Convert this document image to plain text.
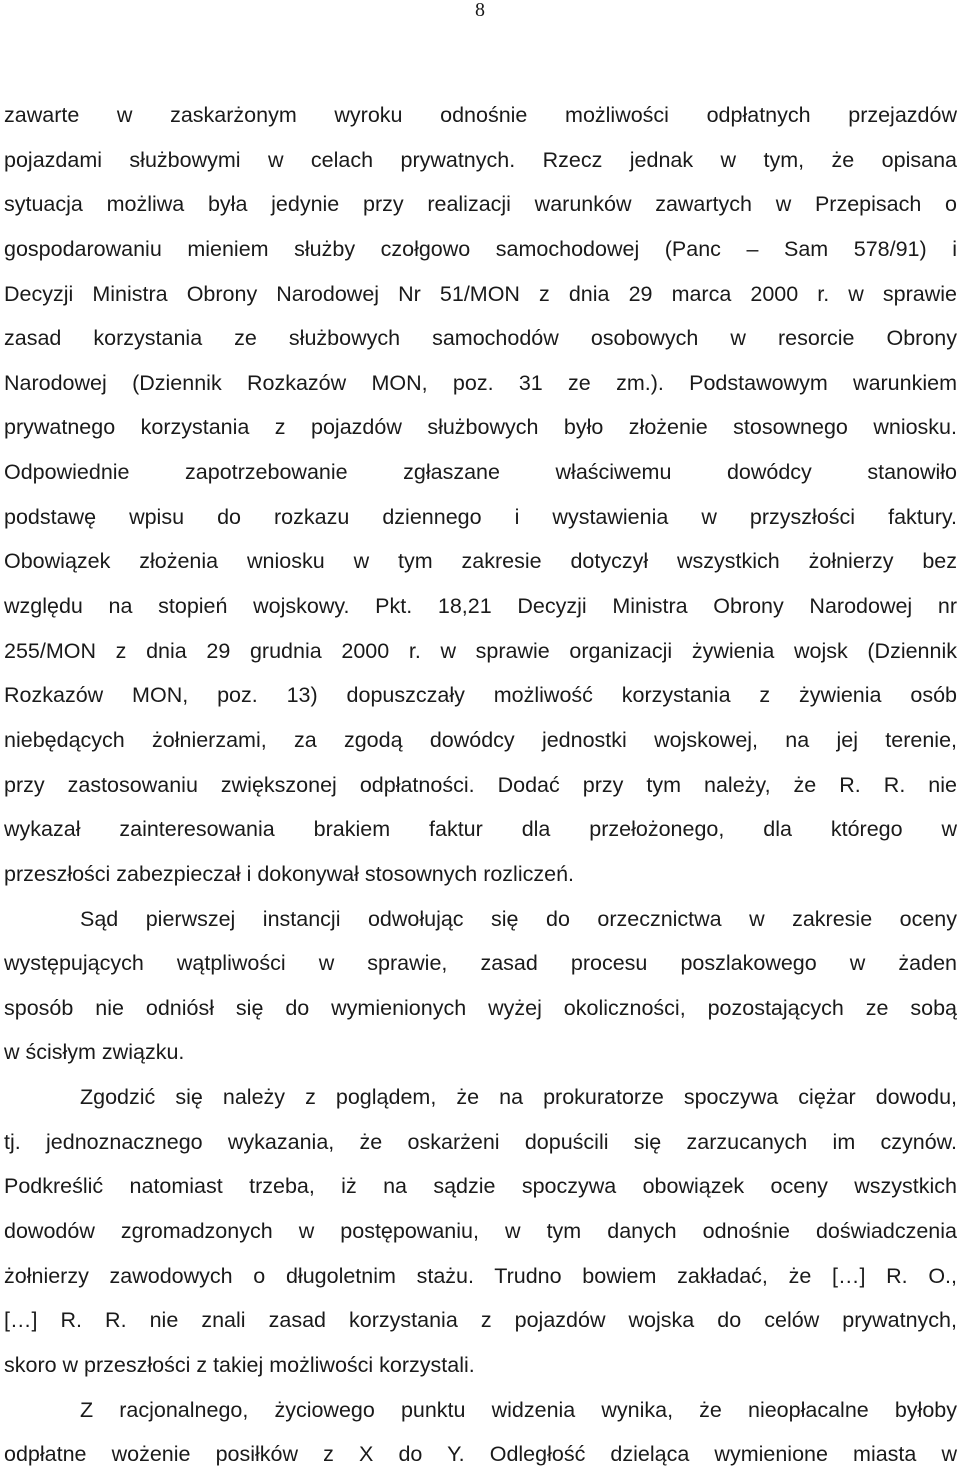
8

zawarte w zaskarżonym wyroku odnośnie możliwości odpłatnych przejazdów
pojazdami służbowymi w celach prywatnych. Rzecz jednak w tym, że opisana
sytuacja możliwa była jedynie przy realizacji warunków zawartych w Przepisach o
gospodarowaniu mieniem służby czołgowo samochodowej (Panc – Sam 578/91) i
Decyzji Ministra Obrony Narodowej Nr 51/MON z dnia 29 marca 2000 r. w sprawie
zasad korzystania ze służbowych samochodów osobowych w resorcie Obrony
Narodowej (Dziennik Rozkazów MON, poz. 31 ze zm.). Podstawowym warunkiem
prywatnego korzystania z pojazdów służbowych było złożenie stosownego wniosku.
Odpowiednie zapotrzebowanie zgłaszane właściwemu dowódcy stanowiło
podstawę wpisu do rozkazu dziennego i wystawienia w przyszłości faktury.
Obowiązek złożenia wniosku w tym zakresie dotyczył wszystkich żołnierzy bez
względu na stopień wojskowy. Pkt. 18,21 Decyzji Ministra Obrony Narodowej nr
255/MON z dnia 29 grudnia 2000 r. w sprawie organizacji żywienia wojsk (Dziennik
Rozkazów MON, poz. 13) dopuszczały możliwość korzystania z żywienia osób
niebędących żołnierzami, za zgodą dowódcy jednostki wojskowej, na jej terenie,
przy zastosowaniu zwiększonej odpłatności. Dodać przy tym należy, że R. R. nie
wykazał zainteresowania brakiem faktur dla przełożonego, dla którego w
przeszłości zabezpieczał i dokonywał stosownych rozliczeń.

Sąd pierwszej instancji odwołując się do orzecznictwa w zakresie oceny
występujących wątpliwości w sprawie, zasad procesu poszlakowego w żaden
sposób nie odniósł się do wymienionych wyżej okoliczności, pozostających ze sobą
w ścisłym związku.

Zgodzić się należy z poglądem, że na prokuratorze spoczywa ciężar dowodu,
tj. jednoznacznego wykazania, że oskarżeni dopuścili się zarzucanych im czynów.
Podkreślić natomiast trzeba, iż na sądzie spoczywa obowiązek oceny wszystkich
dowodów zgromadzonych w postępowaniu, w tym danych odnośnie doświadczenia
żołnierzy zawodowych o długoletnim stażu. Trudno bowiem zakładać, że […] R. O.,
[…] R. R. nie znali zasad korzystania z pojazdów wojska do celów prywatnych,
skoro w przeszłości z takiej możliwości korzystali.

Z racjonalnego, życiowego punktu widzenia wynika, że nieopłacalne byłoby
odpłatne wożenie posiłków z X do Y. Odległość dzieląca wymienione miasta w
